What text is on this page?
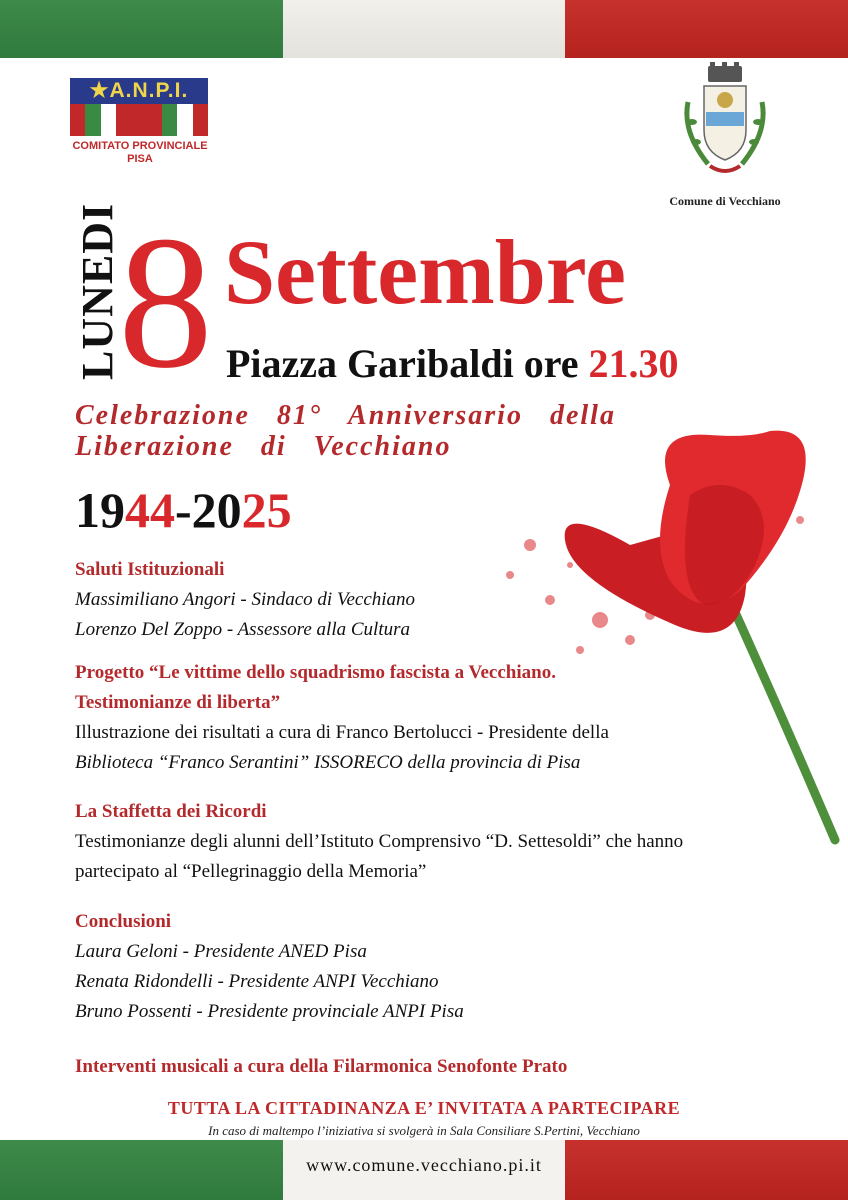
★A.N.P.I.
COMITATO PROVINCIALE
PISA
Comune di Vecchiano
LUNEDI
8 Settembre
Piazza Garibaldi ore 21.30
Celebrazione 81° Anniversario della
Liberazione di Vecchiano
1944-2025
Saluti Istituzionali
Massimiliano Angori - Sindaco di Vecchiano
Lorenzo Del Zoppo - Assessore alla Cultura
Progetto “Le vittime dello squadrismo fascista a Vecchiano.
Testimonianze di liberta”
Illustrazione dei risultati a cura di Franco Bertolucci - Presidente della
Biblioteca “Franco Serantini” ISSORECO della provincia di Pisa
La Staffetta dei Ricordi
Testimonianze degli alunni dell’Istituto Comprensivo “D. Settesoldi” che hanno
partecipato al “Pellegrinaggio della Memoria”
Conclusioni
Laura Geloni - Presidente ANED Pisa
Renata Ridondelli - Presidente ANPI Vecchiano
Bruno Possenti - Presidente provinciale ANPI Pisa
Interventi musicali a cura della Filarmonica Senofonte Prato
TUTTA LA CITTADINANZA E’ INVITATA A PARTECIPARE
In caso di maltempo l’iniziativa si svolgerà in Sala Consiliare S.Pertini, Vecchiano
www.comune.vecchiano.pi.it
